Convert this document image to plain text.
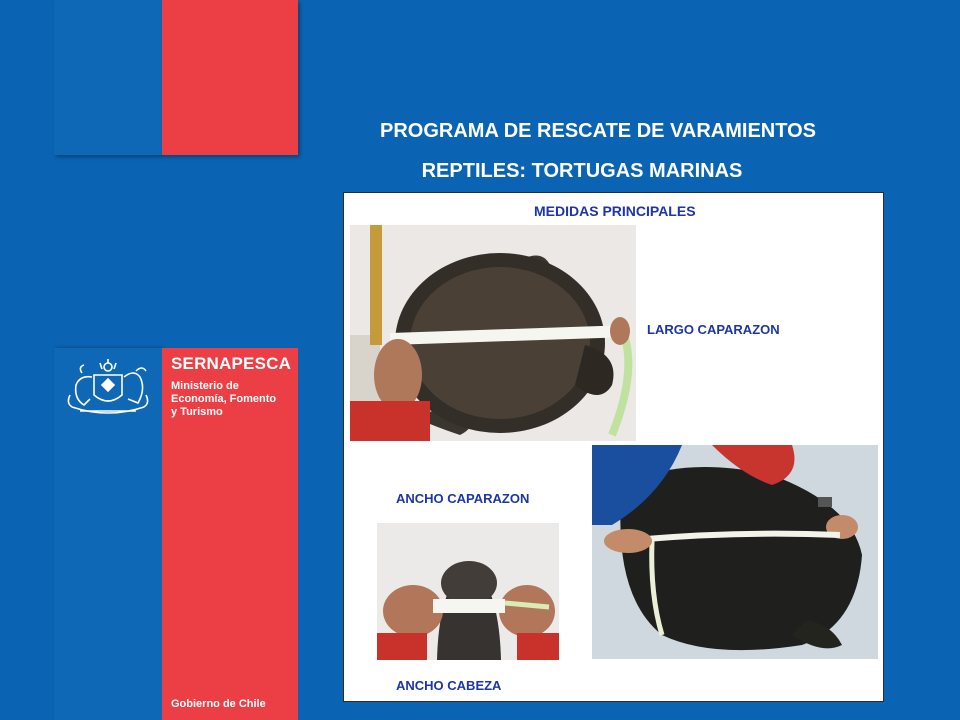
PROGRAMA DE RESCATE DE VARAMIENTOS
REPTILES: TORTUGAS MARINAS
SERNAPESCA
Ministerio de
Economía, Fomento
y Turismo
Gobierno de Chile
MEDIDAS PRINCIPALES
LARGO CAPARAZON
ANCHO CAPARAZON
ANCHO CABEZA
